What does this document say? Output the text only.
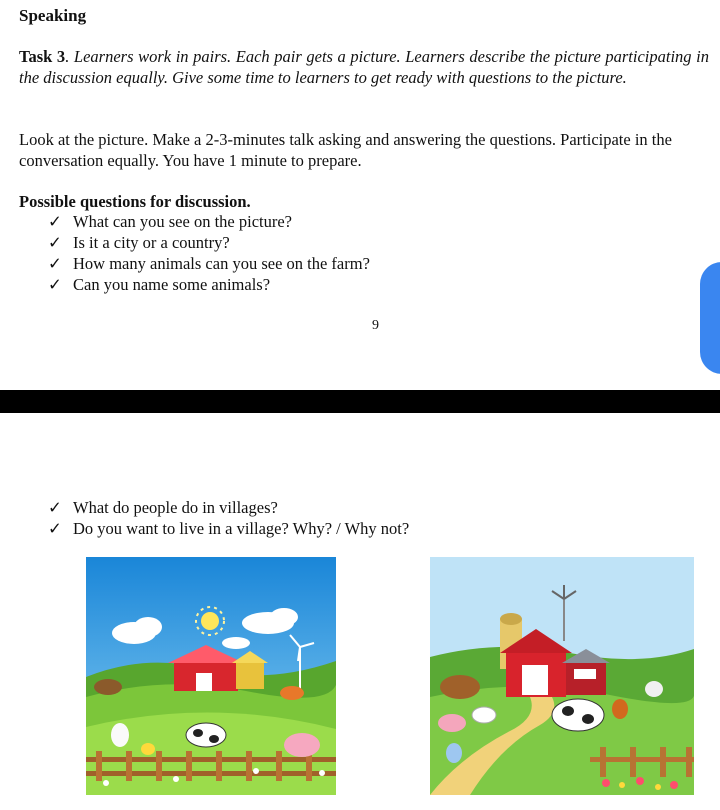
Speaking
Task 3. Learners work in pairs. Each pair gets a picture. Learners describe the picture participating in the discussion equally. Give some time to learners to get ready with questions to the picture.
Look at the picture. Make a 2-3-minutes talk asking and answering the questions. Participate in the conversation equally. You have 1 minute to prepare.
Possible questions for discussion.
✓ What can you see on the picture?
✓ Is it a city or a country?
✓ How many animals can you see on the farm?
✓ Can you name some animals?
9
✓ What do people do in villages?
✓ Do you want to live in a village? Why? / Why not?
